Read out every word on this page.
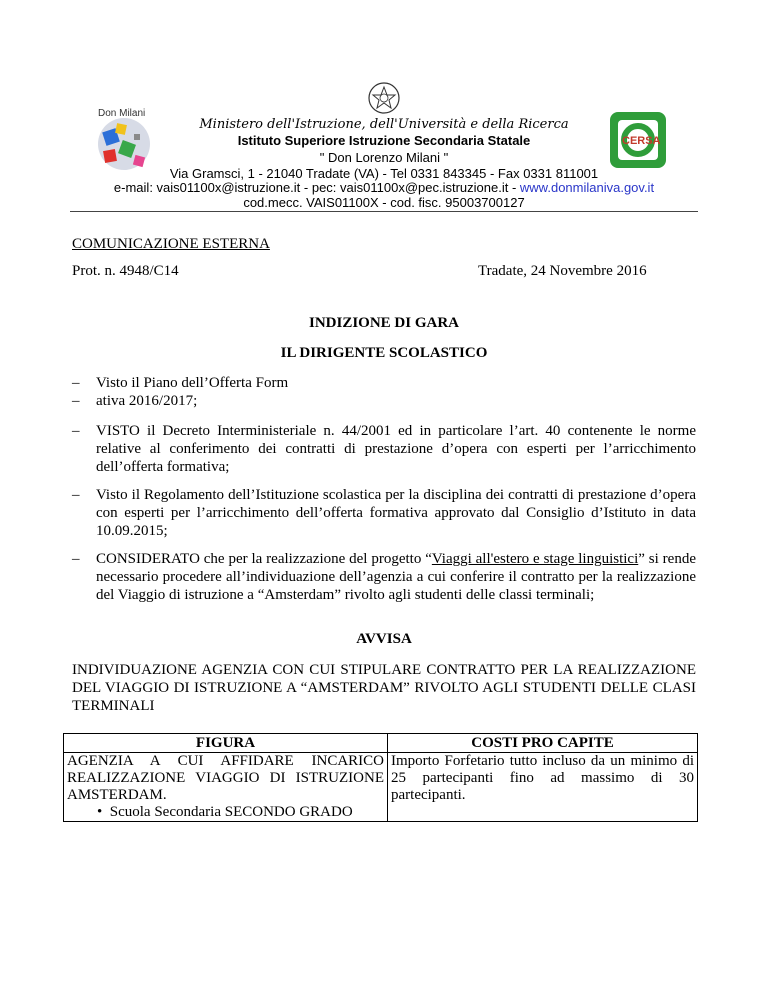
Don Milani
CERSA
Ministero dell'Istruzione, dell'Università e della Ricerca
Istituto Superiore Istruzione Secondaria Statale
" Don Lorenzo Milani "
Via Gramsci, 1 - 21040 Tradate (VA) - Tel 0331 843345 - Fax 0331 811001
e-mail: vais01100x@istruzione.it - pec: vais01100x@pec.istruzione.it - www.donmilaniva.gov.it
cod.mecc. VAIS01100X - cod. fisc. 95003700127
COMUNICAZIONE ESTERNA
Prot. n. 4948/C14	Tradate, 24 Novembre 2016
INDIZIONE DI GARA
IL DIRIGENTE SCOLASTICO
– Visto il Piano dell’Offerta Form
– ativa 2016/2017;
– VISTO il Decreto Interministeriale n. 44/2001 ed in particolare l’art. 40 contenente le norme relative al conferimento dei contratti di prestazione d’opera con esperti per l’arricchimento dell’offerta formativa;
– Visto il Regolamento dell’Istituzione scolastica per la disciplina dei contratti di prestazione d’opera con esperti per l’arricchimento dell’offerta formativa approvato dal Consiglio d’Istituto in data 10.09.2015;
– CONSIDERATO che per la realizzazione del progetto “Viaggi all'estero e stage linguistici” si rende necessario procedere all’individuazione dell’agenzia a cui conferire il contratto per la realizzazione del Viaggio di istruzione a “Amsterdam” rivolto agli studenti delle classi terminali;
AVVISA
INDIVIDUAZIONE AGENZIA CON CUI STIPULARE CONTRATTO PER LA REALIZZAZIONE DEL VIAGGIO DI ISTRUZIONE A “AMSTERDAM” RIVOLTO AGLI STUDENTI DELLE CLASI TERMINALI
FIGURA	COSTI PRO CAPITE
AGENZIA A CUI AFFIDARE INCARICO REALIZZAZIONE VIAGGIO DI ISTRUZIONE AMSTERDAM.
•  Scuola Secondaria SECONDO GRADO	Importo Forfetario tutto incluso da un minimo di 25 partecipanti fino ad massimo di 30 partecipanti.
